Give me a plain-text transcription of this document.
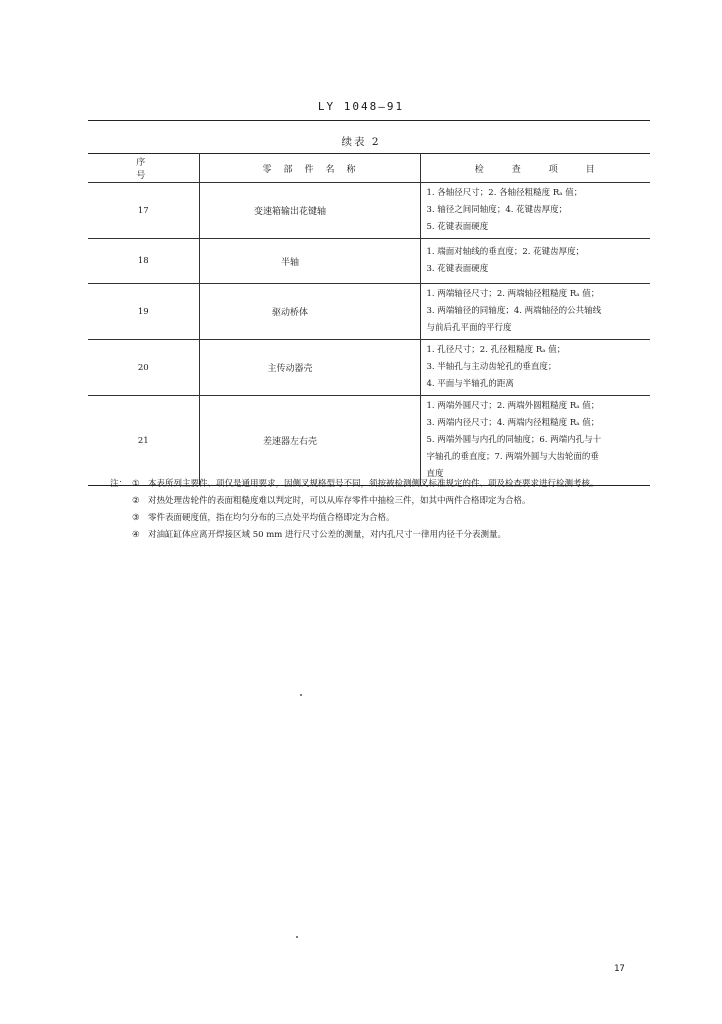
LY 1048—91
续表 2
序号	零部件名称	检查项目
17	变速箱输出花键轴	1. 各轴径尺寸；2. 各轴径粗糙度 Rₐ 值；
3. 轴径之间同轴度；4. 花键齿厚度；
5. 花键表面硬度
18	半轴	1. 端面对轴线的垂直度；2. 花键齿厚度；
3. 花键表面硬度
19	驱动桥体	1. 两端轴径尺寸；2. 两端轴径粗糙度 Rₐ 值；
3. 两端轴径的同轴度；4. 两端轴径的公共轴线
与前后孔平面的平行度
20	主传动器壳	1. 孔径尺寸；2. 孔径粗糙度 Rₐ 值；
3. 半轴孔与主动齿轮孔的垂直度；
4. 平面与半轴孔的距离
21	差速器左右壳	1. 两端外圆尺寸；2. 两端外圆粗糙度 Rₐ 值；
3. 两端内径尺寸；4. 两端内径粗糙度 Rₐ 值；
5. 两端外圆与内孔的同轴度；6. 两端内孔与十
字轴孔的垂直度；7. 两端外圆与大齿轮面的垂
直度
注： ① 本表所列主要件、项仅是通用要求，因侧叉规格型号不同，须按被检测侧叉标准规定的件、项及检查要求进行检测考核。
② 对热处理齿轮件的表面粗糙度难以判定时，可以从库存零件中抽检三件，如其中两件合格即定为合格。
③ 零件表面硬度值，指在均匀分布的三点处平均值合格即定为合格。
④ 对油缸缸体应离开焊接区域 50 mm 进行尺寸公差的测量，对内孔尺寸一律用内径千分表测量。
17
